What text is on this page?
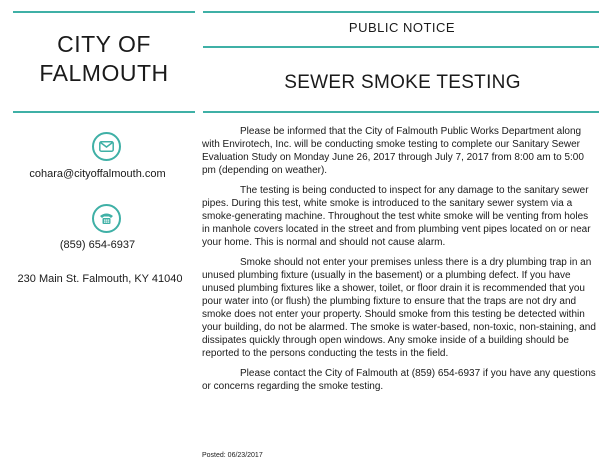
CITY OF
FALMOUTH
cohara@cityoffalmouth.com
(859) 654-6937
230 Main St. Falmouth, KY 41040
PUBLIC NOTICE
SEWER SMOKE TESTING

Please be informed that the City of Falmouth Public Works Department along with Envirotech, Inc. will be conducting smoke testing to complete our Sanitary Sewer Evaluation Study on Monday June 26, 2017 through July 7, 2017 from 8:00 am to 5:00 pm (depending on weather).

The testing is being conducted to inspect for any damage to the sanitary sewer pipes. During this test, white smoke is introduced to the sanitary sewer system via a smoke-generating machine. Throughout the test white smoke will be venting from holes in manhole covers located in the street and from plumbing vent pipes located on or near your home. This is normal and should not cause alarm.

Smoke should not enter your premises unless there is a dry plumbing trap in an unused plumbing fixture (usually in the basement) or a plumbing defect. If you have unused plumbing fixtures like a shower, toilet, or floor drain it is recommended that you pour water into (or flush) the plumbing fixture to ensure that the traps are not dry and smoke does not enter your property. Should smoke from this testing be detected within your building, do not be alarmed. The smoke is water-based, non-toxic, non-staining, and dissipates quickly through open windows. Any smoke inside of a building should be reported to the persons conducting the tests in the field.

Please contact the City of Falmouth at (859) 654-6937 if you have any questions or concerns regarding the smoke testing.

Posted: 06/23/2017
